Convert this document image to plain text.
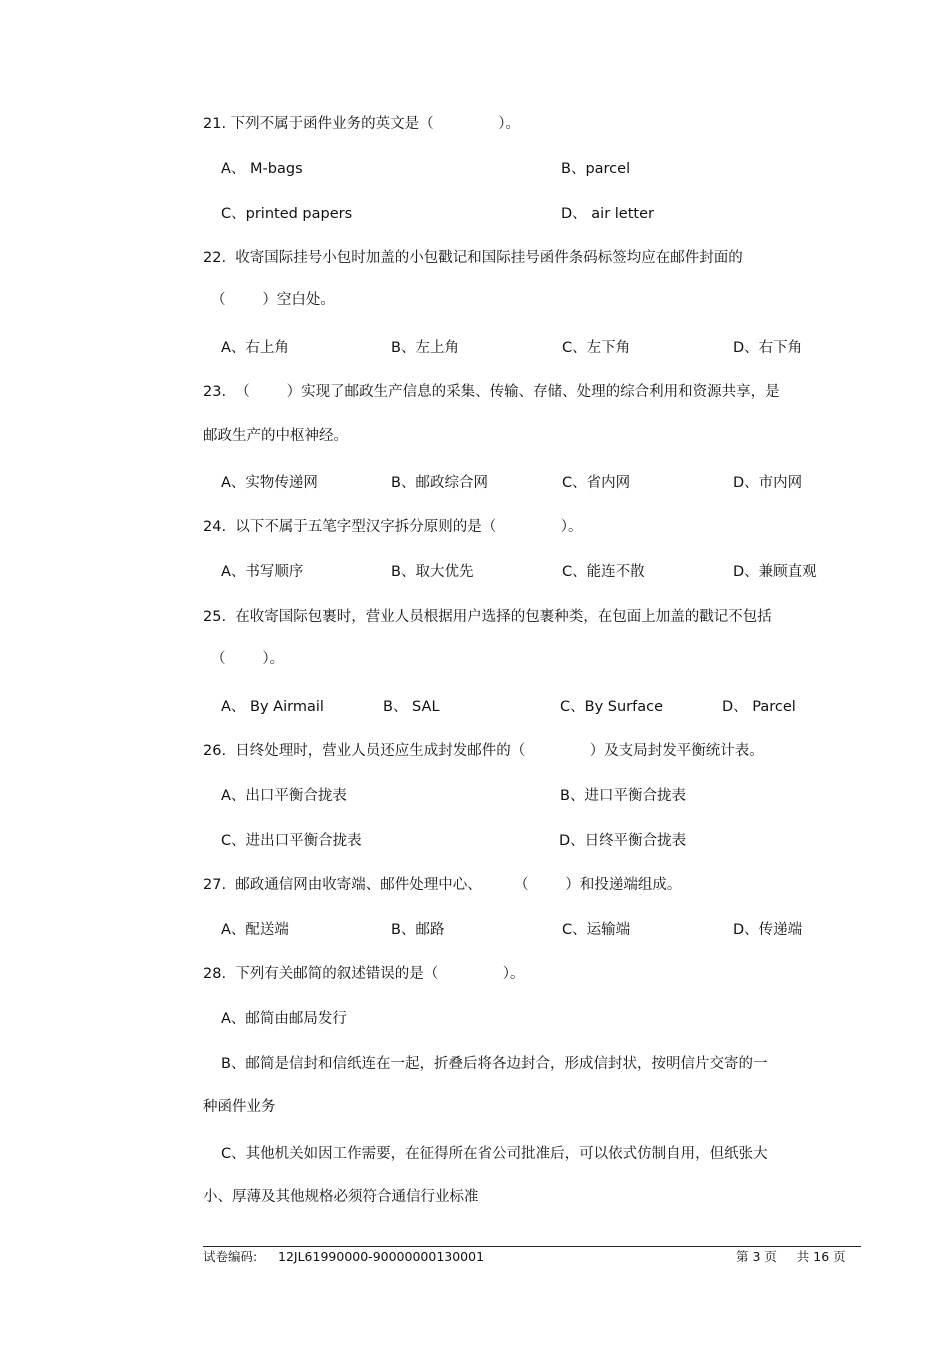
21. 下列不属于函件业务的英文是（              ）。
A、 M-bags	B、parcel
C、printed papers	D、 air letter
22.  收寄国际挂号小包时加盖的小包戳记和国际挂号函件条码标签均应在邮件封面的
（        ）空白处。
A、右上角	B、左上角	C、左下角	D、右下角
23.  （        ）实现了邮政生产信息的采集、传输、存储、处理的综合利用和资源共享，是
邮政生产的中枢神经。
A、实物传递网	B、邮政综合网	C、省内网	D、市内网
24.  以下不属于五笔字型汉字拆分原则的是（              ）。
A、书写顺序	B、取大优先	C、能连不散	D、兼顾直观
25.  在收寄国际包裹时，营业人员根据用户选择的包裹种类，在包面上加盖的戳记不包括
（        ）。
A、 By Airmail	B、 SAL	C、By Surface	D、 Parcel
26.  日终处理时，营业人员还应生成封发邮件的（              ）及支局封发平衡统计表。
A、出口平衡合拢表	B、进口平衡合拢表
C、进出口平衡合拢表	D、日终平衡合拢表
27.  邮政通信网由收寄端、邮件处理中心、       （        ）和投递端组成。
A、配送端	B、邮路	C、运输端	D、传递端
28.  下列有关邮简的叙述错误的是（              ）。
A、邮简由邮局发行
B、邮简是信封和信纸连在一起，折叠后将各边封合，形成信封状，按明信片交寄的一
种函件业务
C、其他机关如因工作需要，在征得所在省公司批准后，可以依式仿制自用，但纸张大
小、厚薄及其他规格必须符合通信行业标准
试卷编码: 12JL61990000-90000000130001	第 3 页     共 16 页
